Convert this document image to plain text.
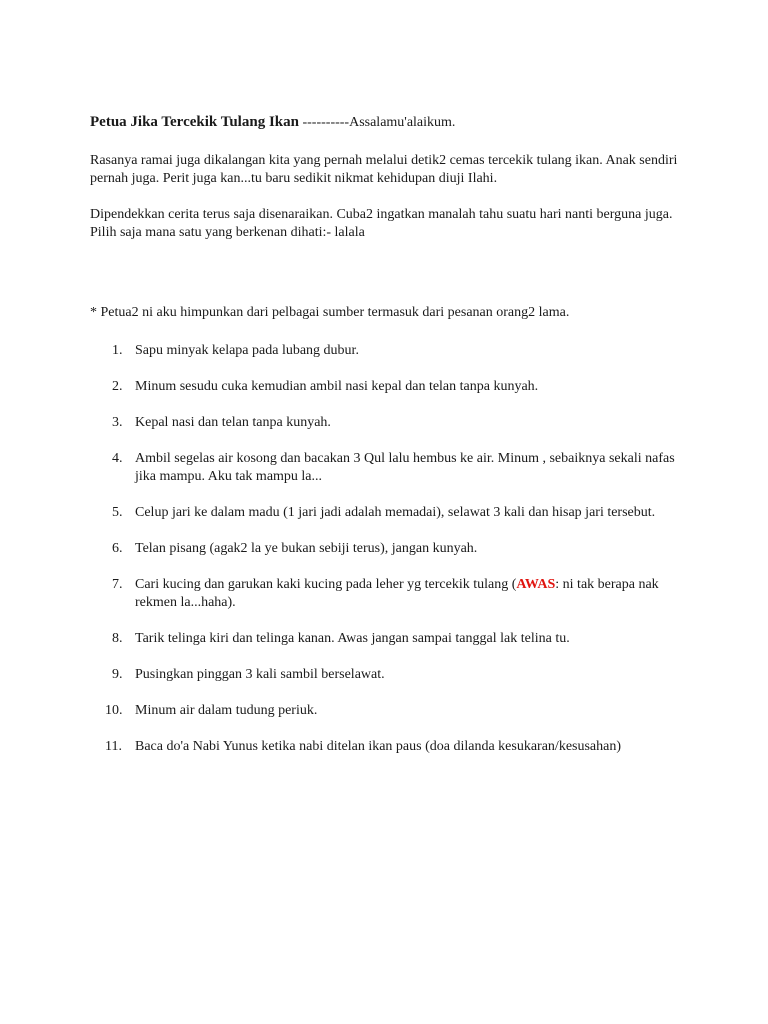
Petua Jika Tercekik Tulang Ikan ----------Assalamu'alaikum.

Rasanya ramai juga dikalangan kita yang pernah melalui detik2 cemas tercekik tulang ikan. Anak sendiri pernah juga. Perit juga kan...tu baru sedikit nikmat kehidupan diuji Ilahi.

Dipendekkan cerita terus saja disenaraikan. Cuba2 ingatkan manalah tahu suatu hari nanti berguna juga. Pilih saja mana satu yang berkenan dihati:- lalala

* Petua2 ni aku himpunkan dari pelbagai sumber termasuk dari pesanan orang2 lama.

1. Sapu minyak kelapa pada lubang dubur.
2. Minum sesudu cuka kemudian ambil nasi kepal dan telan tanpa kunyah.
3. Kepal nasi dan telan tanpa kunyah.
4. Ambil segelas air kosong dan bacakan 3 Qul lalu hembus ke air. Minum , sebaiknya sekali nafas jika mampu. Aku tak mampu la...
5. Celup jari ke dalam madu (1 jari jadi adalah memadai), selawat 3 kali dan hisap jari tersebut.
6. Telan pisang (agak2 la ye bukan sebiji terus), jangan kunyah.
7. Cari kucing dan garukan kaki kucing pada leher yg tercekik tulang (AWAS: ni tak berapa nak rekmen la...haha).
8. Tarik telinga kiri dan telinga kanan. Awas jangan sampai tanggal lak telina tu.
9. Pusingkan pinggan 3 kali sambil berselawat.
10. Minum air dalam tudung periuk.
11. Baca do'a Nabi Yunus ketika nabi ditelan ikan paus (doa dilanda kesukaran/kesusahan)
